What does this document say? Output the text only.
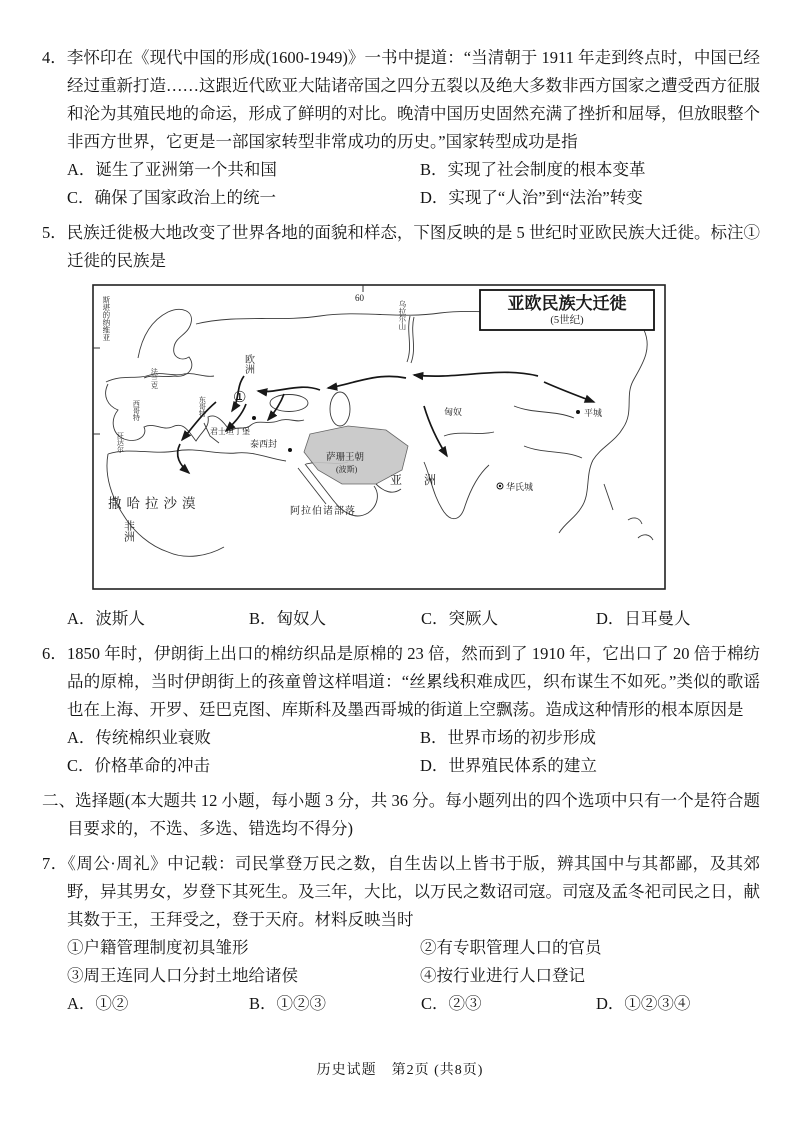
4．李怀印在《现代中国的形成(1600-1949)》一书中提道：“当清朝于 1911 年走到终点时，中国已经经过重新打造……这跟近代欧亚大陆诸帝国之四分五裂以及绝大多数非西方国家之遭受西方征服和沦为其殖民地的命运，形成了鲜明的对比。晚清中国历史固然充满了挫折和屈辱，但放眼整个非西方世界，它更是一部国家转型非常成功的历史。”国家转型成功是指

A．诞生了亚洲第一个共和国	B．实现了社会制度的根本变革
C．确保了国家政治上的统一	D．实现了“人治”到“法治”转变

5．民族迁徙极大地改变了世界各地的面貌和样态，下图反映的是 5 世纪时亚欧民族大迁徙。标注①迁徙的民族是

亚欧民族大迁徙
(5世纪)
60
①
匈奴
君士坦丁堡
泰西封
萨珊王朝
(波斯)
华氏城
平城
撒哈拉沙漠
阿拉伯诸部落
亚　洲
斯堪的纳维亚	乌拉尔山
欧洲
非洲
法兰克
西哥特	东哥特
汪达尔
A．波斯人	B．匈奴人	C．突厥人	D．日耳曼人

6．1850 年时，伊朗街上出口的棉纺织品是原棉的 23 倍，然而到了 1910 年，它出口了 20 倍于棉纺品的原棉，当时伊朗街上的孩童曾这样唱道：“丝累线积难成匹，织布谋生不如死。”类似的歌谣也在上海、开罗、廷巴克图、库斯科及墨西哥城的街道上空飘荡。造成这种情形的根本原因是

A．传统棉织业衰败	B．世界市场的初步形成
C．价格革命的冲击	D．世界殖民体系的建立

二、选择题(本大题共 12 小题，每小题 3 分，共 36 分。每小题列出的四个选项中只有一个是符合题目要求的，不选、多选、错选均不得分)

7．《周公·周礼》中记载：司民掌登万民之数，自生齿以上皆书于版，辨其国中与其都鄙，及其郊野，异其男女，岁登下其死生。及三年，大比，以万民之数诏司寇。司寇及孟冬祀司民之日，献其数于王，王拜受之，登于天府。材料反映当时

①户籍管理制度初具雏形	②有专职管理人口的官员
③周王连同人口分封土地给诸侯	④按行业进行人口登记
A．①②	B．①②③	C．②③	D．①②③④
历史试题　第2页 (共8页)
